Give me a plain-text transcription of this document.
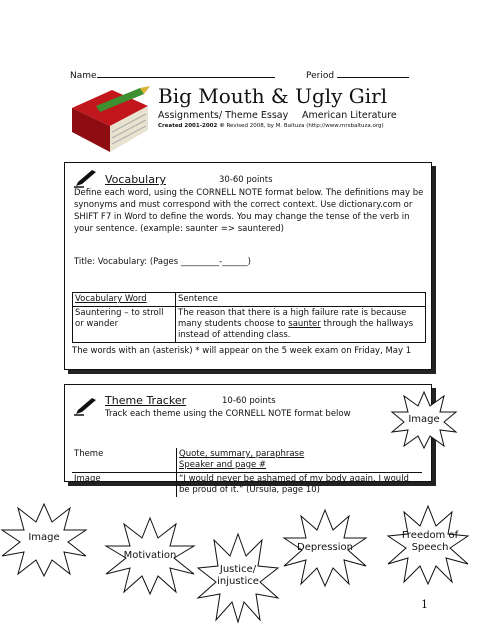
Name	Period
Big Mouth & Ugly Girl
Assignments/ Theme Essay American Literature
Created 2001-2002 © Revised 2008, by M. Baltuza (http://www.mrsbaltuza.org)
Vocabulary	30-60 points
Define each word, using the CORNELL NOTE format below. The definitions may be synonyms and must correspond with the correct context. Use dictionary.com or SHIFT F7 in Word to define the words. You may change the tense of the verb in your sentence. (example: saunter => sauntered)
Title: Vocabulary: (Pages _________-______)
Vocabulary Word	Sentence
Sauntering – to stroll or wander	The reason that there is a high failure rate is because many students choose to saunter through the hallways instead of attending class.
The words with an (asterisk) * will appear on the 5 week exam on Friday, May 1
Theme Tracker	10-60 points
Track each theme using the CORNELL NOTE format below
Theme	Quote, summary, paraphrase
Speaker and page #
Image	“I would never be ashamed of my body again. I would be proud of it.” (Ursula, page 10)
Image
Image
Motivation
Justice/ injustice
Depression
Freedom of Speech
1
